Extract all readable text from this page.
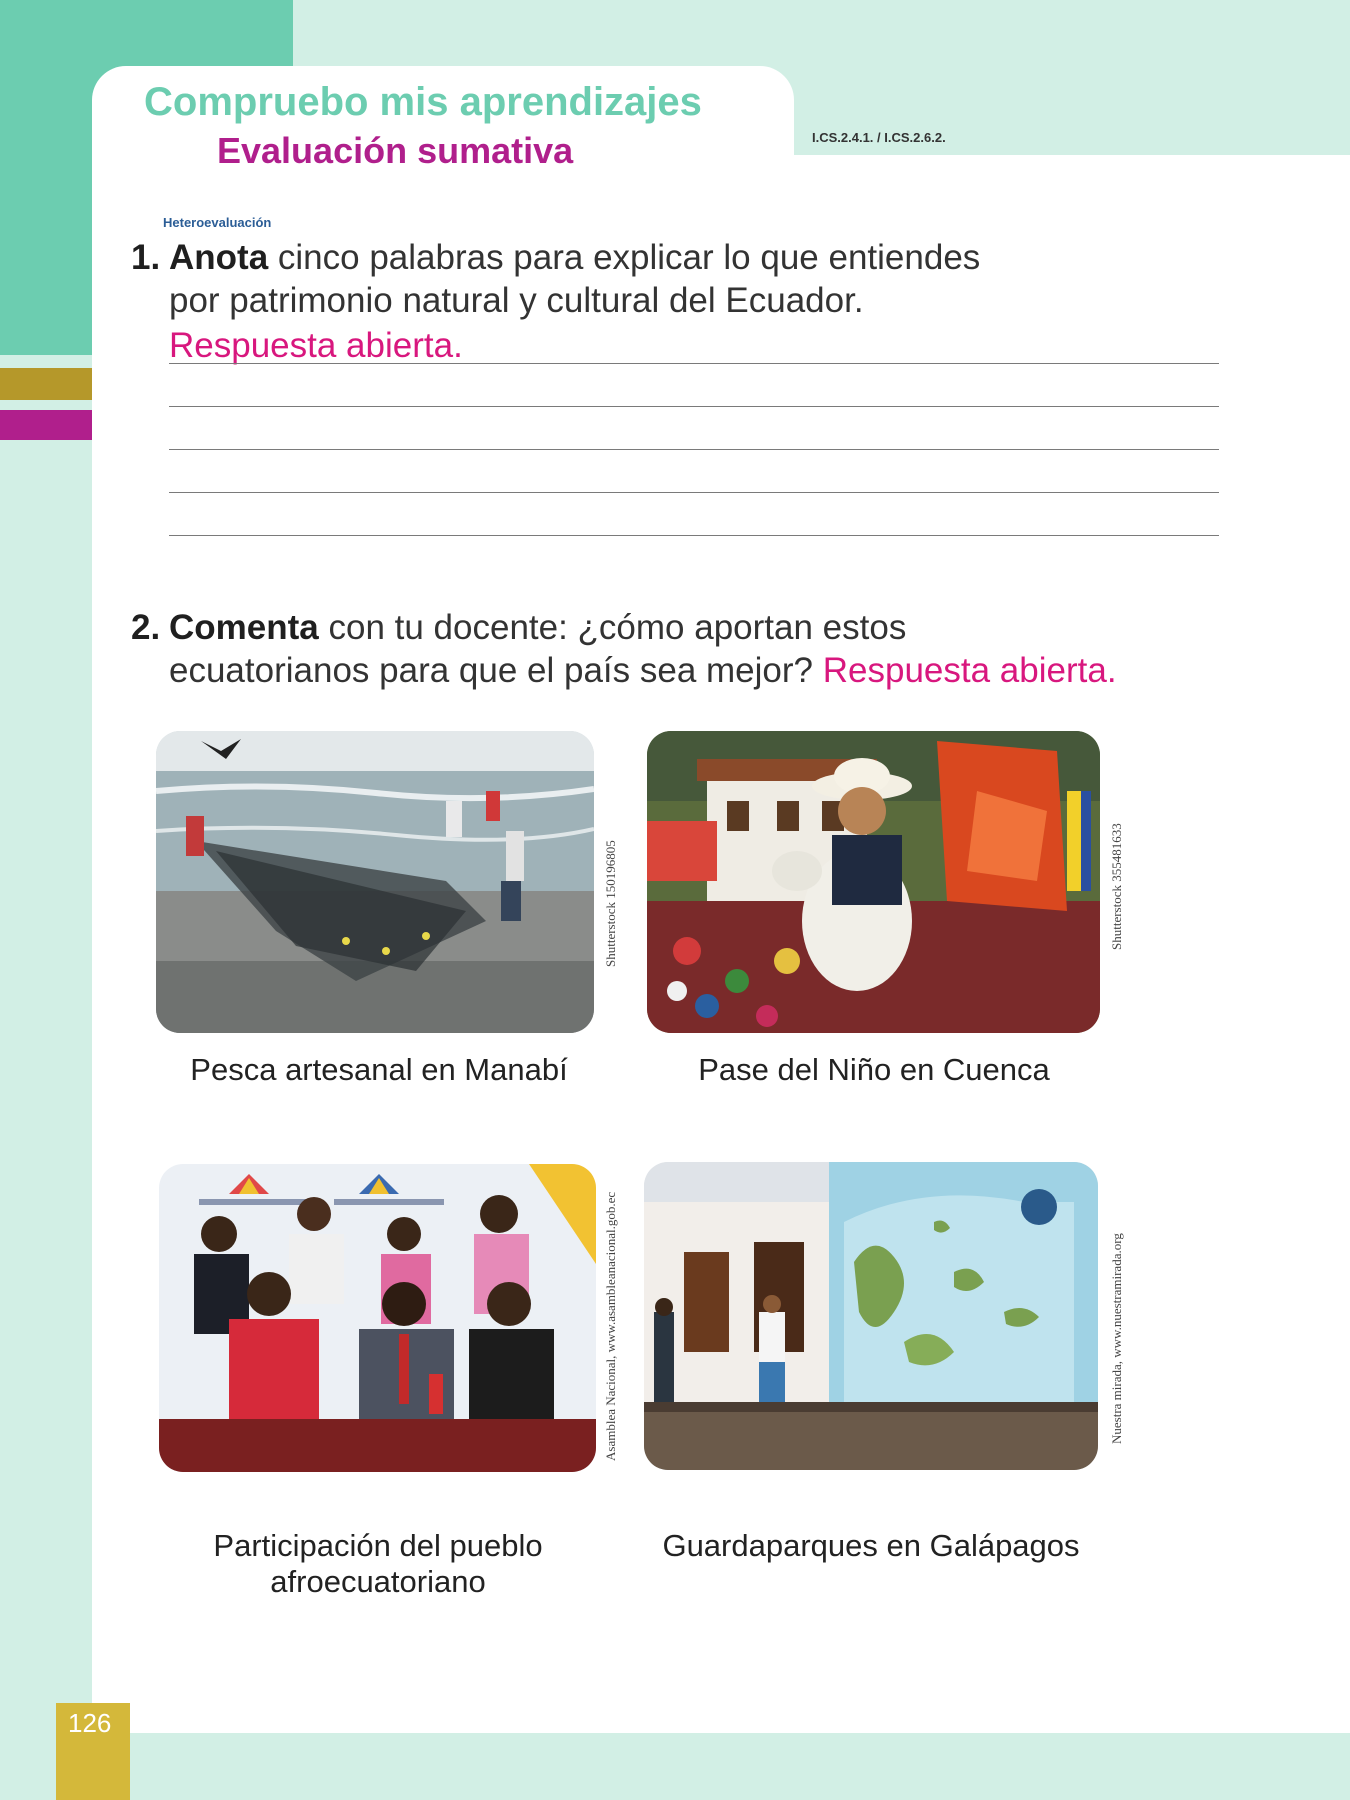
Compruebo mis aprendizajes
Evaluación sumativa	I.CS.2.4.1. / I.CS.2.6.2.
Heteroevaluación
1. Anota cinco palabras para explicar lo que entiendes

por patrimonio natural y cultural del Ecuador.

Respuesta abierta.
2. Comenta con tu docente: ¿cómo aportan estos

ecuatorianos para que el país sea mejor? Respuesta abierta.

Shutterstock 150196805
Pesca artesanal en Manabí
Shutterstock 355481633
Pase del Niño en Cuenca
Asamblea Nacional, www.asambleanacional.gob.ec
Participación del pueblo
afroecuatoriano
Nuestra mirada, www.nuestramirada.org
Guardaparques en Galápagos
126
